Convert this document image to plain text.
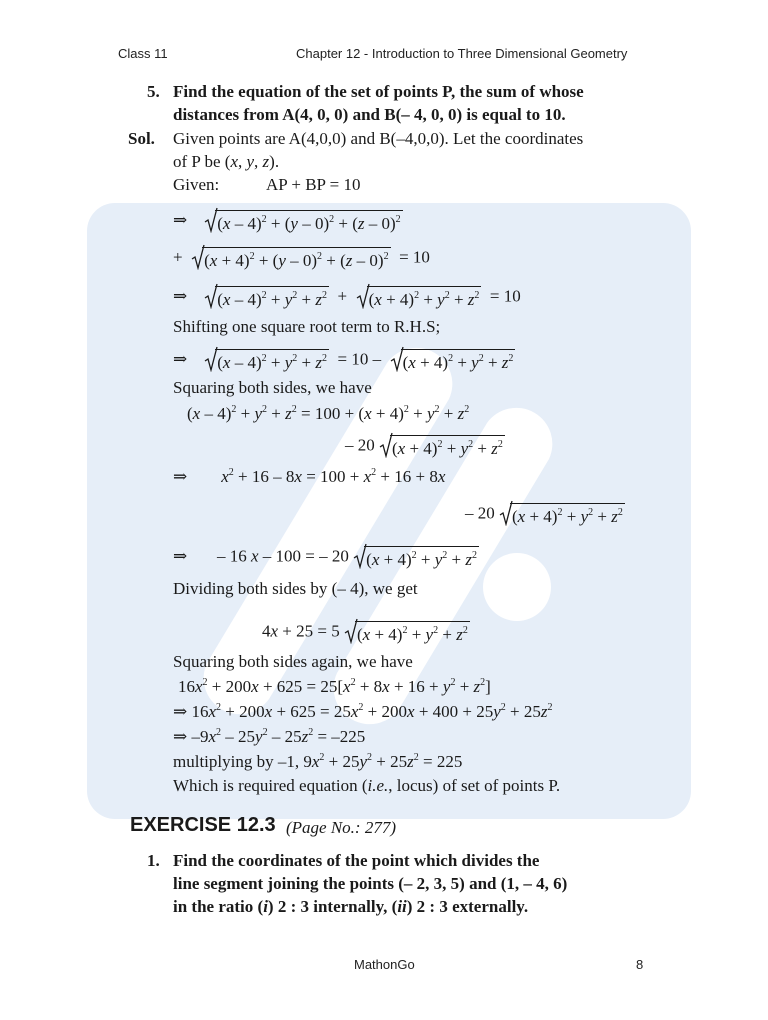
Class 11	Chapter 12 - Introduction to Three Dimensional Geometry
5. Find the equation of the set of points P, the sum of whose
distances from A(4, 0, 0) and B(– 4, 0, 0) is equal to 10.
Sol. Given points are A(4,0,0) and B(–4,0,0). Let the coordinates
of P be (x, y, z).
Given:	AP + BP = 10
⇒    (x – 4)$^2$ + (y – 0)$^2$ + (z – 0)$^2$
+  $(x + 4)^2 + (y - 0)^2 + (z - 0)^2 = 10$
⇒    $(x - 4)^2 + y^2 + z^2 + (x + 4)^2 + y^2 + z^2 = 10$
Shifting one square root term to R.H.S;
⇒    $(x - 4)^2 + y^2 + z^2 = 10 - (x + 4)^2 + y^2 + z^2$
Squaring both sides, we have
$(x - 4)^2 + y^2 + z^2 = 100 + (x + 4)^2 + y^2 + z^2$
– 20 $(x + 4)^2 + y^2 + z^2$
⇒        $x^2 + 16 - 8x = 100 + x^2 + 16 + 8x$
– 20 $(x + 4)^2 + y^2 + z^2$
⇒       – 16 x – 100 = – 20 $(x + 4)^2 + y^2 + z^2$
Dividing both sides by (– 4), we get
4x + 25 = 5 $(x + 4)^2 + y^2 + z^2$
Squaring both sides again, we have
$16x^2 + 200x + 625 = 25[x^2 + 8x + 16 + y^2 + z^2]$
⇒ $16x^2 + 200x + 625 = 25x^2 + 200x + 400 + 25y^2 + 25z^2$
⇒ $-9x^2 - 25y^2 - 25z^2 = -225$
multiplying by –1, $9x^2 + 25y^2 + 25z^2 = 225$
Which is required equation (i.e., locus) of set of points P.
EXERCISE 12.3 (Page No.: 277)
1. Find the coordinates of the point which divides the
line segment joining the points (– 2, 3, 5) and (1, – 4, 6)
in the ratio (i) 2 : 3 internally, (ii) 2 : 3 externally.
MathonGo	8
